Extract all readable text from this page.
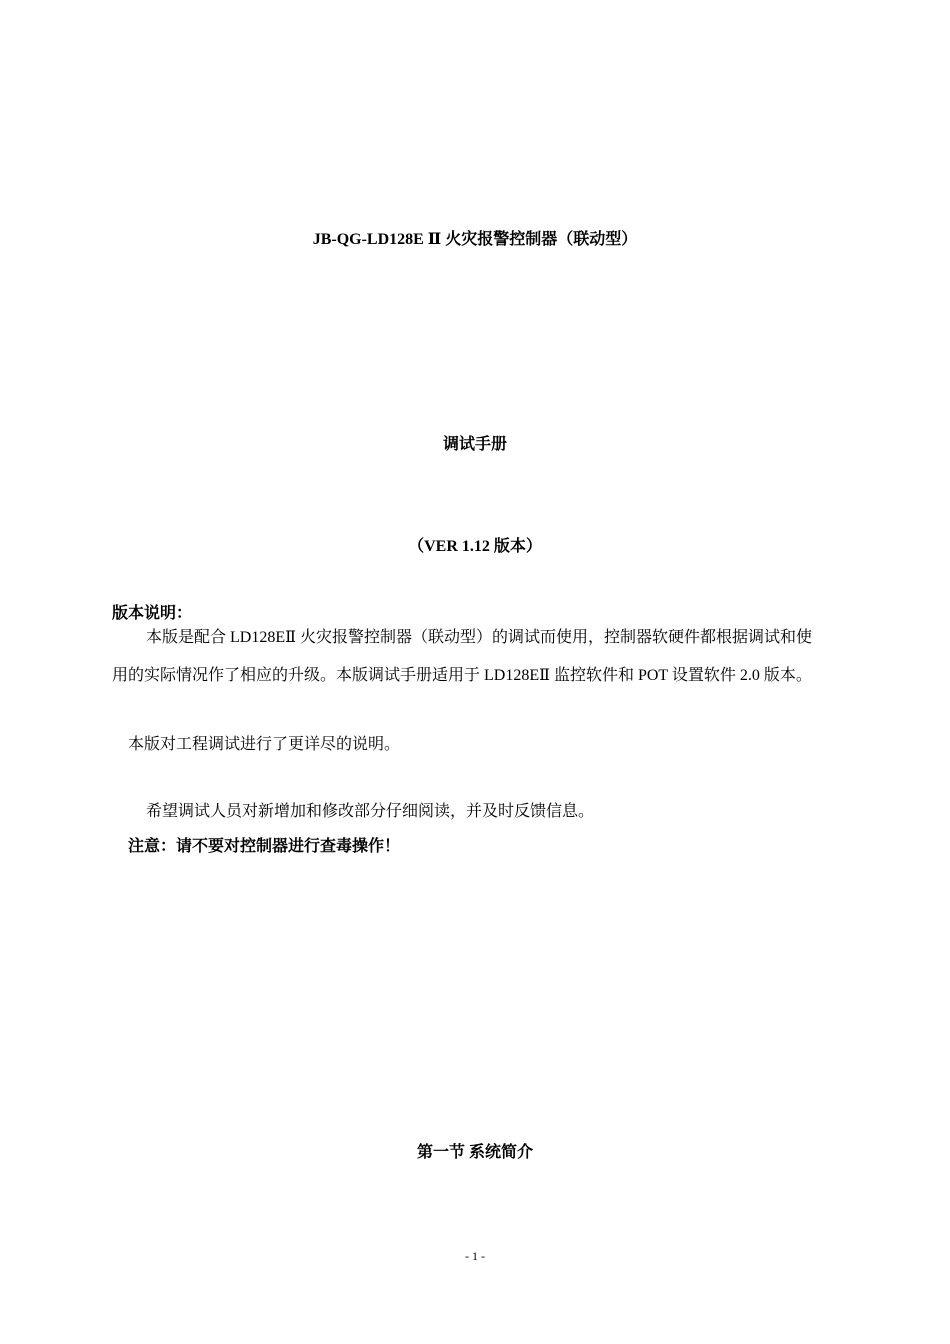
JB-QG-LD128E Ⅱ 火灾报警控制器（联动型）

调试手册

（VER 1.12 版本）

版本说明：

本版是配合 LD128EⅡ 火灾报警控制器（联动型）的调试而使用，控制器软硬件都根据调试和使

用的实际情况作了相应的升级。本版调试手册适用于 LD128EⅡ 监控软件和 POT 设置软件 2.0 版本。

本版对工程调试进行了更详尽的说明。

希望调试人员对新增加和修改部分仔细阅读，并及时反馈信息。

注意：请不要对控制器进行查毒操作！

第一节 系统简介

- 1 -
